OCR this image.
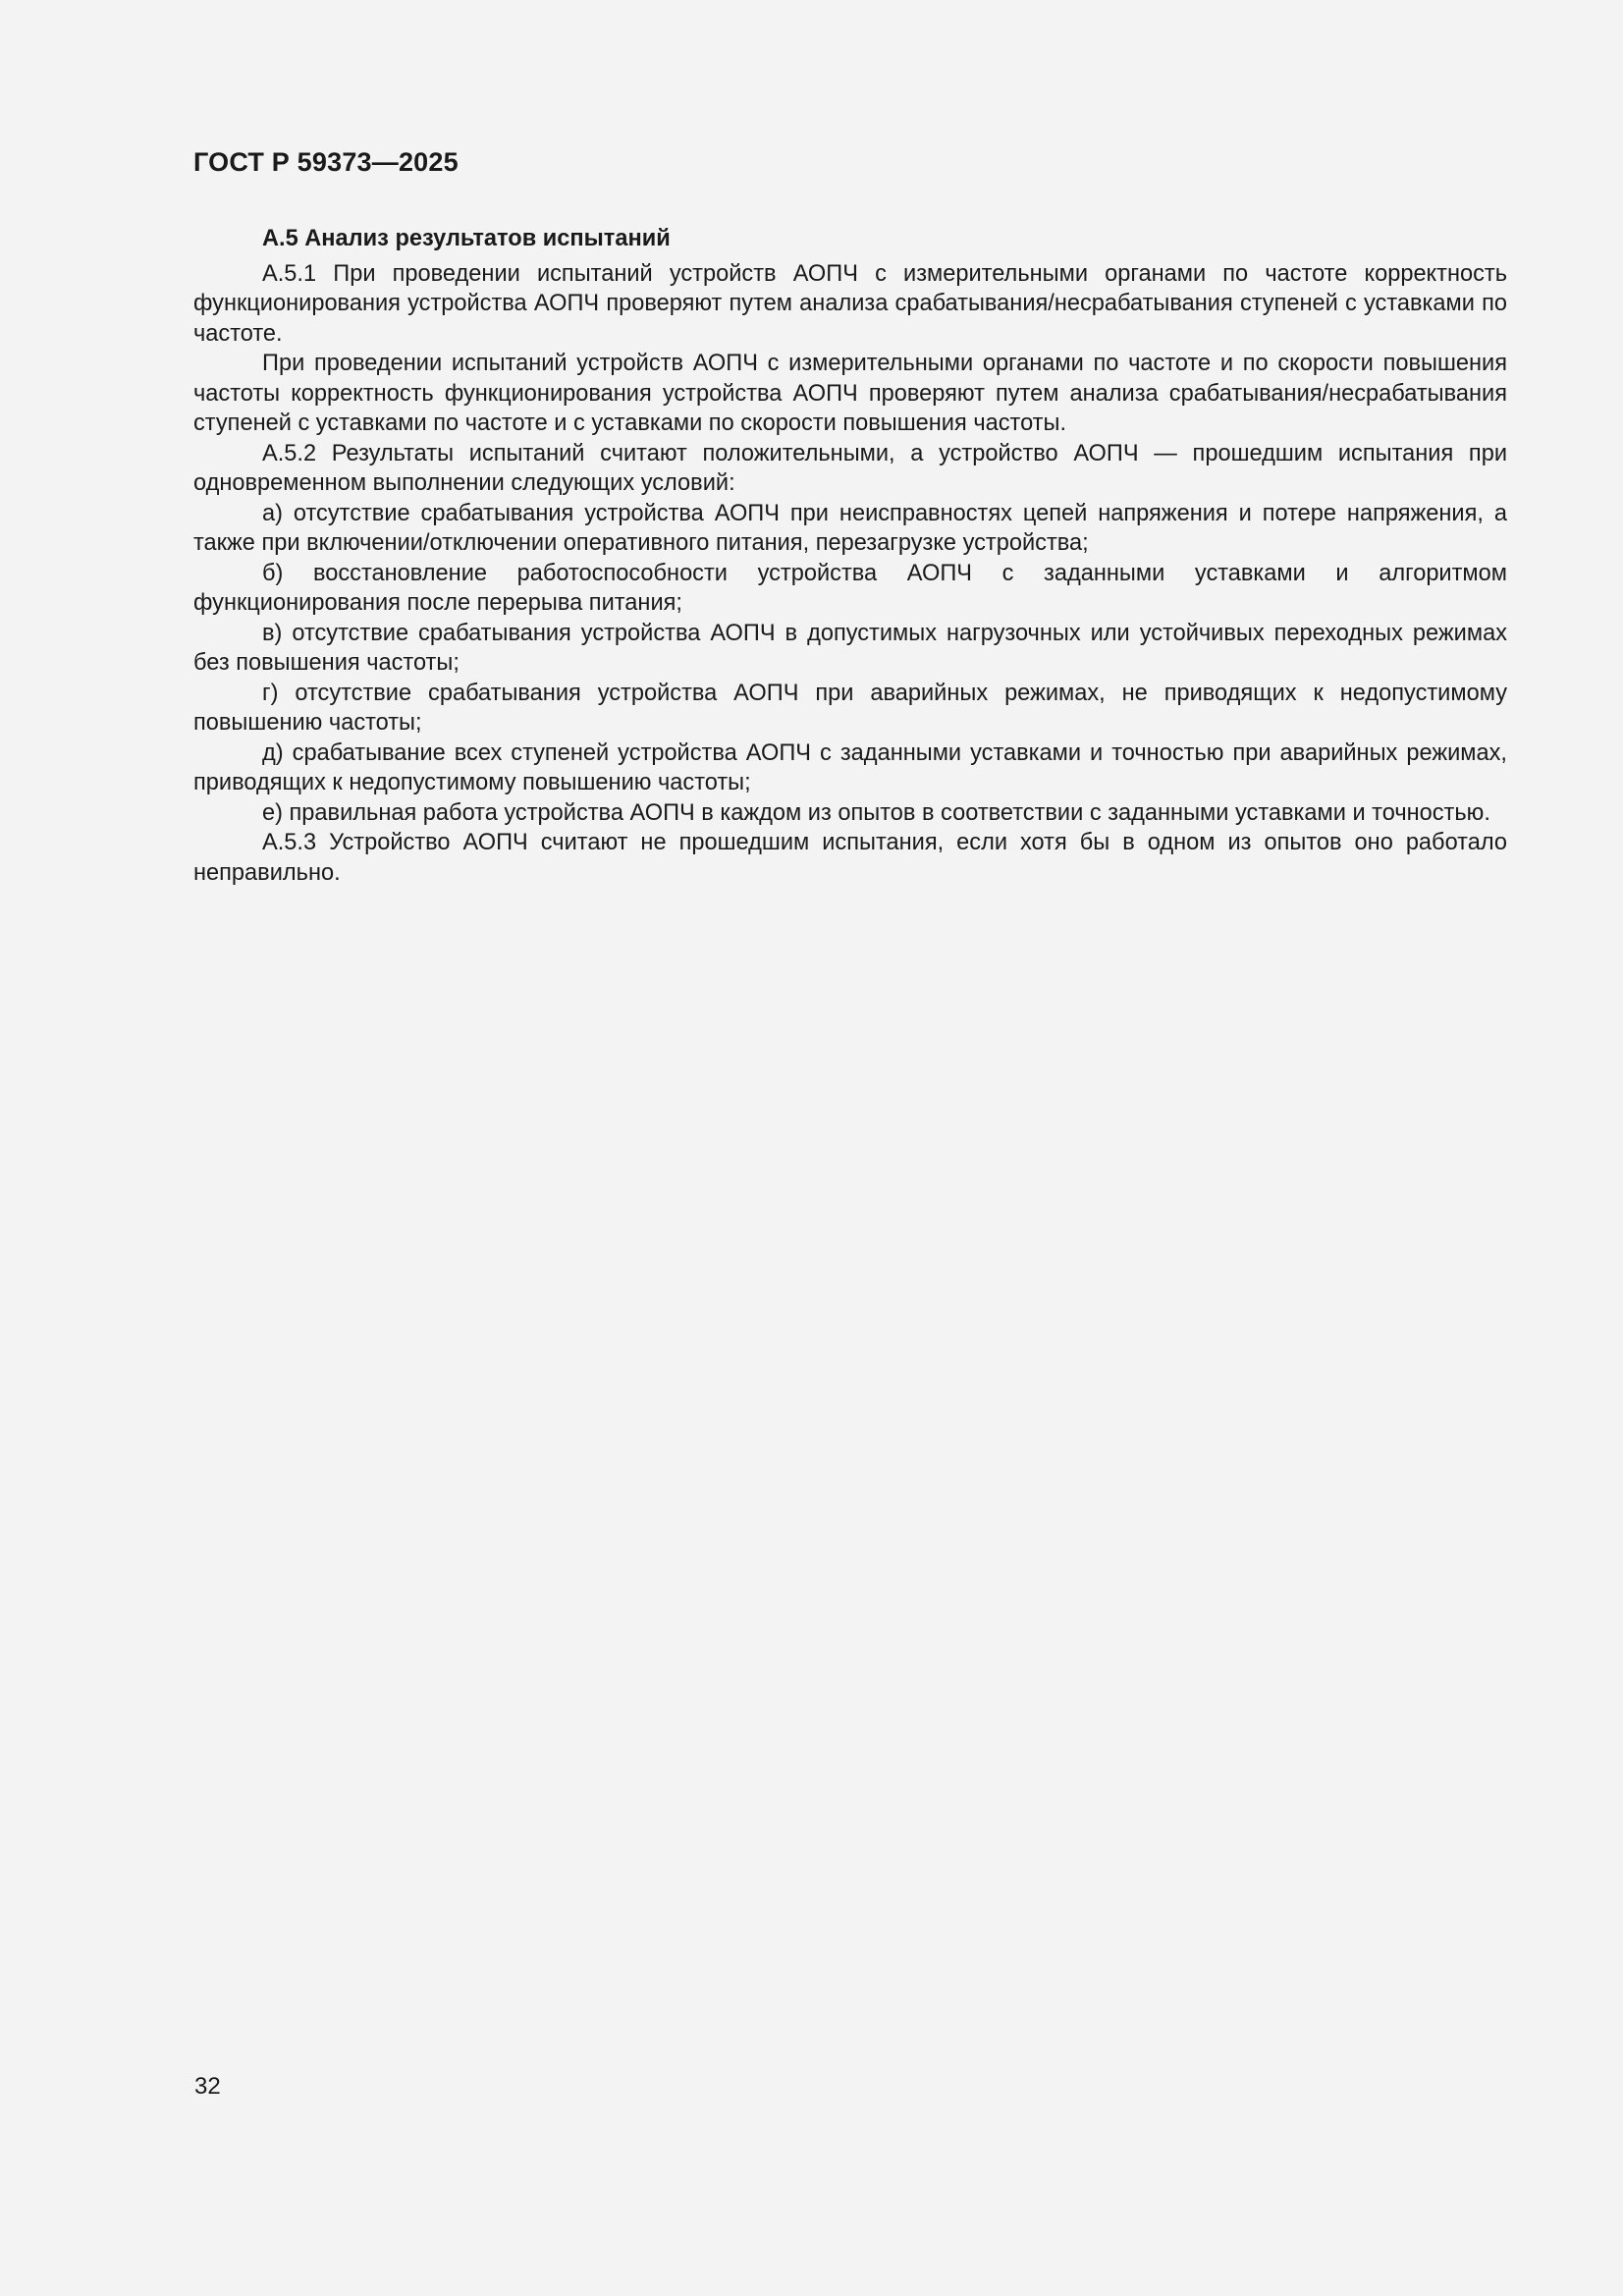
ГОСТ Р 59373—2025
А.5 Анализ результатов испытаний

А.5.1 При проведении испытаний устройств АОПЧ с измерительными органами по частоте корректность функционирования устройства АОПЧ проверяют путем анализа срабатывания/несрабатывания ступеней с уставками по частоте.

При проведении испытаний устройств АОПЧ с измерительными органами по частоте и по скорости повышения частоты корректность функционирования устройства АОПЧ проверяют путем анализа срабатывания/несрабатывания ступеней с уставками по частоте и с уставками по скорости повышения частоты.

А.5.2 Результаты испытаний считают положительными, а устройство АОПЧ — прошедшим испытания при одновременном выполнении следующих условий:

а) отсутствие срабатывания устройства АОПЧ при неисправностях цепей напряжения и потере напряжения, а также при включении/отключении оперативного питания, перезагрузке устройства;

б) восстановление работоспособности устройства АОПЧ с заданными уставками и алгоритмом функционирования после перерыва питания;

в) отсутствие срабатывания устройства АОПЧ в допустимых нагрузочных или устойчивых переходных режимах без повышения частоты;

г) отсутствие срабатывания устройства АОПЧ при аварийных режимах, не приводящих к недопустимому повышению частоты;

д) срабатывание всех ступеней устройства АОПЧ с заданными уставками и точностью при аварийных режимах, приводящих к недопустимому повышению частоты;

е) правильная работа устройства АОПЧ в каждом из опытов в соответствии с заданными уставками и точностью.

А.5.3 Устройство АОПЧ считают не прошедшим испытания, если хотя бы в одном из опытов оно работало неправильно.

32
